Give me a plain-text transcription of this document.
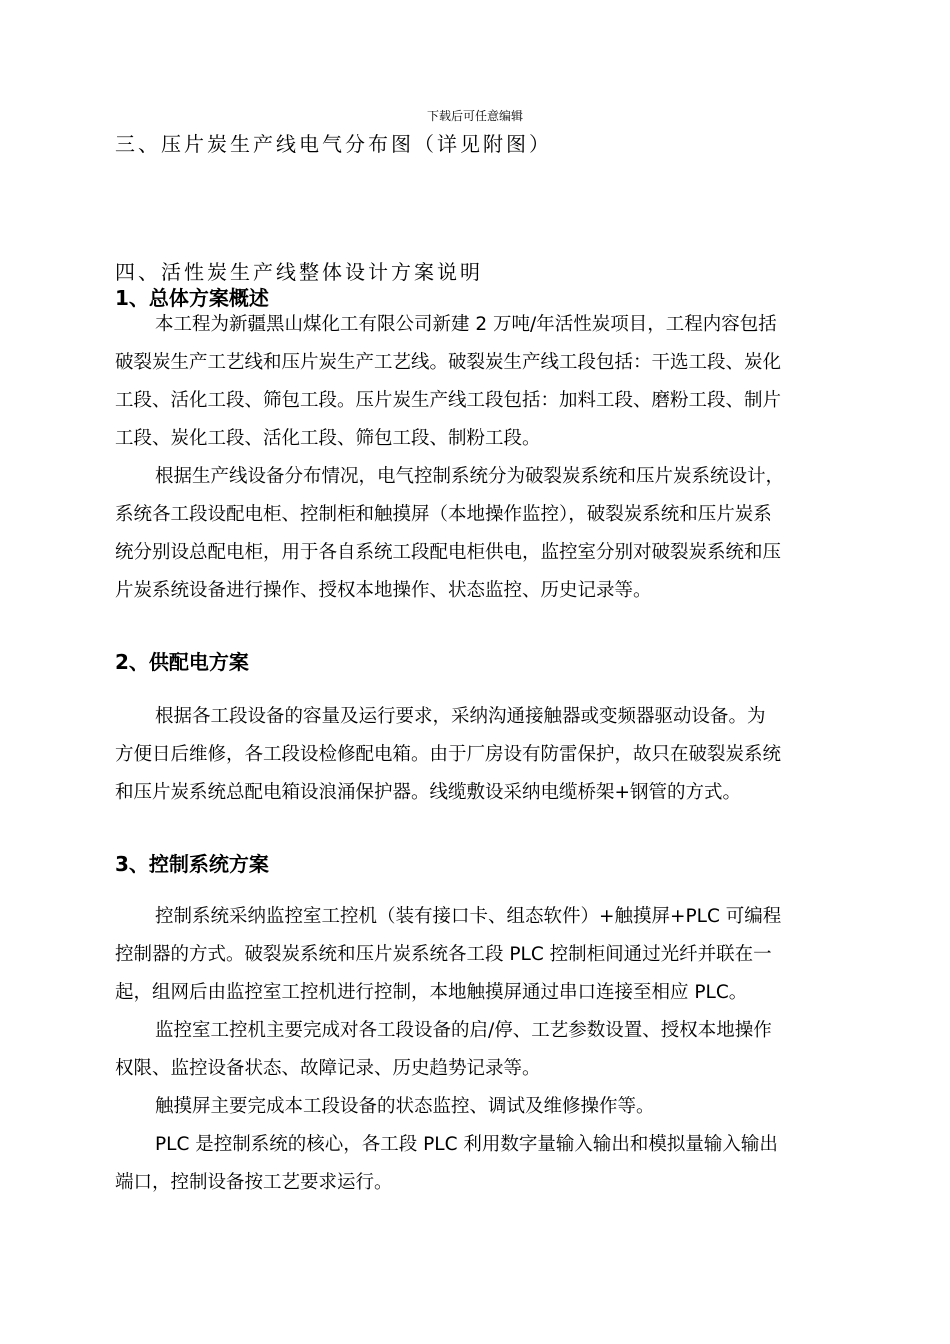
下载后可任意编辑
三、压片炭生产线电气分布图（详见附图）
四、活性炭生产线整体设计方案说明
1、总体方案概述
本工程为新疆黑山煤化工有限公司新建 2 万吨/年活性炭项目，工程内容包括
破裂炭生产工艺线和压片炭生产工艺线。破裂炭生产线工段包括：干选工段、炭化
工段、活化工段、筛包工段。压片炭生产线工段包括：加料工段、磨粉工段、制片
工段、炭化工段、活化工段、筛包工段、制粉工段。
根据生产线设备分布情况，电气控制系统分为破裂炭系统和压片炭系统设计，
系统各工段设配电柜、控制柜和触摸屏（本地操作监控），破裂炭系统和压片炭系
统分别设总配电柜，用于各自系统工段配电柜供电，监控室分别对破裂炭系统和压
片炭系统设备进行操作、授权本地操作、状态监控、历史记录等。
2、供配电方案
根据各工段设备的容量及运行要求，采纳沟通接触器或变频器驱动设备。为
方便日后维修，各工段设检修配电箱。由于厂房设有防雷保护，故只在破裂炭系统
和压片炭系统总配电箱设浪涌保护器。线缆敷设采纳电缆桥架+钢管的方式。
3、控制系统方案
控制系统采纳监控室工控机（装有接口卡、组态软件）+触摸屏+PLC 可编程
控制器的方式。破裂炭系统和压片炭系统各工段 PLC 控制柜间通过光纤并联在一
起，组网后由监控室工控机进行控制，本地触摸屏通过串口连接至相应 PLC。
监控室工控机主要完成对各工段设备的启/停、工艺参数设置、授权本地操作
权限、监控设备状态、故障记录、历史趋势记录等。
触摸屏主要完成本工段设备的状态监控、调试及维修操作等。
PLC 是控制系统的核心，各工段 PLC 利用数字量输入输出和模拟量输入输出
端口，控制设备按工艺要求运行。
